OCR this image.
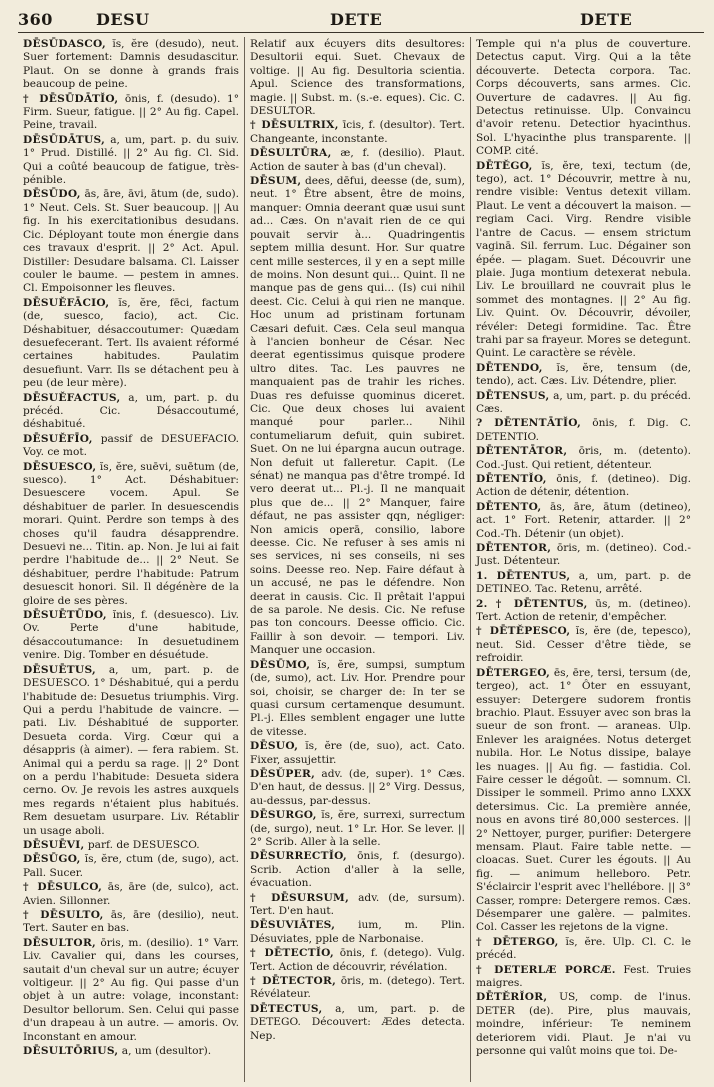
360	DESU	DETE	DETE

DĒSŪDASCO, ĭs, ĕre (desudo), neut. Suer fortement: Damnis desudascitur. Plaut. On se donne à grands frais beaucoup de peine.

† DĒSŪDĀTĬO, ōnis, f. (desudo). 1° Firm. Sueur, fatigue. || 2° Au fig. Capel. Peine, travail.

DĒSŪDĀTUS, a, um, part. p. du suiv. 1° Prud. Distillé. || 2° Au fig. Cl. Sid. Qui a coûté beaucoup de fatigue, très-pénible.

DĒSŪDO, ās, āre, āvi, ātum (de, sudo). 1° Neut. Cels. St. Suer beaucoup. || Au fig. In his exercitationibus desudans. Cic. Déployant toute mon énergie dans ces travaux d'esprit. || 2° Act. Apul. Distiller: Desudare balsama. Cl. Laisser couler le baume. — pestem in amnes. Cl. Empoisonner les fleuves.

DĒSUĔFĀCIO, ĭs, ĕre, fēci, factum (de, suesco, facio), act. Cic. Déshabituer, désaccoutumer: Quædam desuefecerant. Tert. Ils avaient réformé certaines habitudes. Paulatim desuefiunt. Varr. Ils se détachent peu à peu (de leur mère).

DĒSUĔFACTUS, a, um, part. p. du précéd. Cic. Désaccoutumé, déshabitué.

DĒSUĔFĪO, passif de DESUEFACIO. Voy. ce mot.

DĒSUESCO, ĭs, ĕre, suēvi, suētum (de, suesco). 1° Act. Déshabituer: Desuescere vocem. Apul. Se déshabituer de parler. In desuescendis morari. Quint. Perdre son temps à des choses qu'il faudra désapprendre. Desuevi ne... Titin. ap. Non. Je lui ai fait perdre l'habitude de... || 2° Neut. Se déshabituer, perdre l'habitude: Patrum desuescit honori. Sil. Il dégénère de la gloire de ses pères.

DĒSUĒTŪDO, ĭnis, f. (desuesco). Liv. Ov. Perte d'une habitude, désaccoutumance: In desuetudinem venire. Dig. Tomber en désuétude.

DĒSUĒTUS, a, um, part. p. de DESUESCO. 1° Déshabitué, qui a perdu l'habitude de: Desuetus triumphis. Virg. Qui a perdu l'habitude de vaincre. — pati. Liv. Déshabitué de supporter. Desueta corda. Virg. Cœur qui a désappris (à aimer). — fera rabiem. St. Animal qui a perdu sa rage. || 2° Dont on a perdu l'habitude: Desueta sidera cerno. Ov. Je revois les astres auxquels mes regards n'étaient plus habitués. Rem desuetam usurpare. Liv. Rétablir un usage aboli.

DĒSUĒVI, parf. de DESUESCO.

DĒSŪGO, ĭs, ĕre, ctum (de, sugo), act. Pall. Sucer.

† DĒSULCO, ās, āre (de, sulco), act. Avien. Sillonner.

† DĒSULTO, ās, āre (desilio), neut. Tert. Sauter en bas.

DĒSULTOR, ōris, m. (desilio). 1° Varr. Liv. Cavalier qui, dans les courses, sautait d'un cheval sur un autre; écuyer voltigeur. || 2° Au fig. Qui passe d'un objet à un autre: volage, inconstant: Desultor bellorum. Sen. Celui qui passe d'un drapeau à un autre. — amoris. Ov. Inconstant en amour.

DĒSULTŌRIUS, a, um (desultor).

Relatif aux écuyers dits desultores: Desultorii equi. Suet. Chevaux de voltige. || Au fig. Desultoria scientia. Apul. Science des transformations, magie. || Subst. m. (s.-e. eques). Cic. C. DESULTOR.

† DĒSULTRIX, īcis, f. (desultor). Tert. Changeante, inconstante.

DĒSULTŪRA, æ, f. (desilio). Plaut. Action de sauter à bas (d'un cheval).

DĒSUM, dees, dēfui, deesse (de, sum), neut. 1° Être absent, être de moins, manquer: Omnia deerant quæ usui sunt ad... Cæs. On n'avait rien de ce qui pouvait servir à... Quadringentis septem millia desunt. Hor. Sur quatre cent mille sesterces, il y en a sept mille de moins. Non desunt qui... Quint. Il ne manque pas de gens qui... (Is) cui nihil deest. Cic. Celui à qui rien ne manque. Hoc unum ad pristinam fortunam Cæsari defuit. Cæs. Cela seul manqua à l'ancien bonheur de César. Nec deerat egentissimus quisque prodere ultro dites. Tac. Les pauvres ne manquaient pas de trahir les riches. Duas res defuisse quominus diceret. Cic. Que deux choses lui avaient manqué pour parler... Nihil contumeliarum defuit, quin subiret. Suet. On ne lui épargna aucun outrage. Non defuit ut falleretur. Capit. (Le sénat) ne manqua pas d'être trompé. Id vero deerat ut... Pl.-j. Il ne manquait plus que de... || 2° Manquer, faire défaut, ne pas assister qqn, négliger: Non amicis operā, consilio, labore deesse. Cic. Ne refuser à ses amis ni ses services, ni ses conseils, ni ses soins. Deesse reo. Nep. Faire défaut à un accusé, ne pas le défendre. Non deerat in causis. Cic. Il prêtait l'appui de sa parole. Ne desis. Cic. Ne refuse pas ton concours. Deesse officio. Cic. Faillir à son devoir. — tempori. Liv. Manquer une occasion.

DĒSŪMO, ĭs, ĕre, sumpsi, sumptum (de, sumo), act. Liv. Hor. Prendre pour soi, choisir, se charger de: In ter se quasi cursum certamenque desumunt. Pl.-j. Elles semblent engager une lutte de vitesse.

DĒSUO, ĭs, ĕre (de, suo), act. Cato. Fixer, assujettir.

DĒSŬPER, adv. (de, super). 1° Cæs. D'en haut, de dessus. || 2° Virg. Dessus, au-dessus, par-dessus.

DĒSURGO, ĭs, ĕre, surrexi, surrectum (de, surgo), neut. 1° Lr. Hor. Se lever. || 2° Scrib. Aller à la selle.

DĒSURRECTĬO, ōnis, f. (desurgo). Scrib. Action d'aller à la selle, évacuation.

† DĒSURSUM, adv. (de, sursum). Tert. D'en haut.

DĒSUVIĀTES, ium, m. Plin. Désuviates, pple de Narbonaise.

† DĒTECTĬO, ōnis, f. (detego). Vulg. Tert. Action de découvrir, révélation.

† DĒTECTOR, ōris, m. (detego). Tert. Révélateur.

DĒTECTUS, a, um, part. p. de DETEGO. Découvert: Ædes detecta. Nep.

Temple qui n'a plus de couverture. Detectus caput. Virg. Qui a la tête découverte. Detecta corpora. Tac. Corps découverts, sans armes. Cic. Ouverture de cadavres. || Au fig. Detectus retinuisse. Ulp. Convaincu d'avoir retenu. Detectior hyacinthus. Sol. L'hyacinthe plus transparente. || COMP. cité.

DĒTĔGO, ĭs, ĕre, texi, tectum (de, tego), act. 1° Découvrir, mettre à nu, rendre visible: Ventus detexit villam. Plaut. Le vent a découvert la maison. — regiam Caci. Virg. Rendre visible l'antre de Cacus. — ensem strictum vaginā. Sil. ferrum. Luc. Dégainer son épée. — plagam. Suet. Découvrir une plaie. Juga montium detexerat nebula. Liv. Le brouillard ne couvrait plus le sommet des montagnes. || 2° Au fig. Liv. Quint. Ov. Découvrir, dévoiler, révéler: Detegi formidine. Tac. Être trahi par sa frayeur. Mores se detegunt. Quint. Le caractère se révèle.

DĒTENDO, ĭs, ĕre, tensum (de, tendo), act. Cæs. Liv. Détendre, plier.

DĒTENSUS, a, um, part. p. du précéd. Cæs.

? DĒTENTĀTĬO, ōnis, f. Dig. C. DETENTIO.

DĒTENTĀTOR, ōris, m. (detento). Cod.-Just. Qui retient, détenteur.

DĒTENTĬO, ōnis, f. (detineo). Dig. Action de détenir, détention.

DĒTENTO, ās, āre, ātum (detineo), act. 1° Fort. Retenir, attarder. || 2° Cod.-Th. Détenir (un objet).

DĒTENTOR, ōris, m. (detineo). Cod.-Just. Détenteur.

1. DĒTENTUS, a, um, part. p. de DETINEO. Tac. Retenu, arrêté.

2. † DĒTENTUS, ūs, m. (detineo). Tert. Action de retenir, d'empêcher.

† DĒTĔPESCO, ĭs, ĕre (de, tepesco), neut. Sid. Cesser d'être tiède, se refroidir.

DĒTERGEO, ēs, ēre, tersi, tersum (de, tergeo), act. 1° Ôter en essuyant, essuyer: Detergere sudorem frontis brachio. Plaut. Essuyer avec son bras la sueur de son front. — araneas. Ulp. Enlever les araignées. Notus deterget nubila. Hor. Le Notus dissipe, balaye les nuages. || Au fig. — fastidia. Col. Faire cesser le dégoût. — somnum. Cl. Dissiper le sommeil. Primo anno LXXX detersimus. Cic. La première année, nous en avons tiré 80,000 sesterces. || 2° Nettoyer, purger, purifier: Detergere mensam. Plaut. Faire table nette. — cloacas. Suet. Curer les égouts. || Au fig. — animum helleboro. Petr. S'éclaircir l'esprit avec l'hellébore. || 3° Casser, rompre: Detergere remos. Cæs. Désemparer une galère. — palmites. Col. Casser les rejetons de la vigne.

† DĒTERGO, ĭs, ĕre. Ulp. Cl. C. le précéd.

† DETERLÆ PORCÆ. Fest. Truies maigres.

DĒTĔRĬOR, US, comp. de l'inus. DETER (de). Pire, plus mauvais, moindre, inférieur: Te neminem deteriorem vidi. Plaut. Je n'ai vu personne qui valût moins que toi. De-
